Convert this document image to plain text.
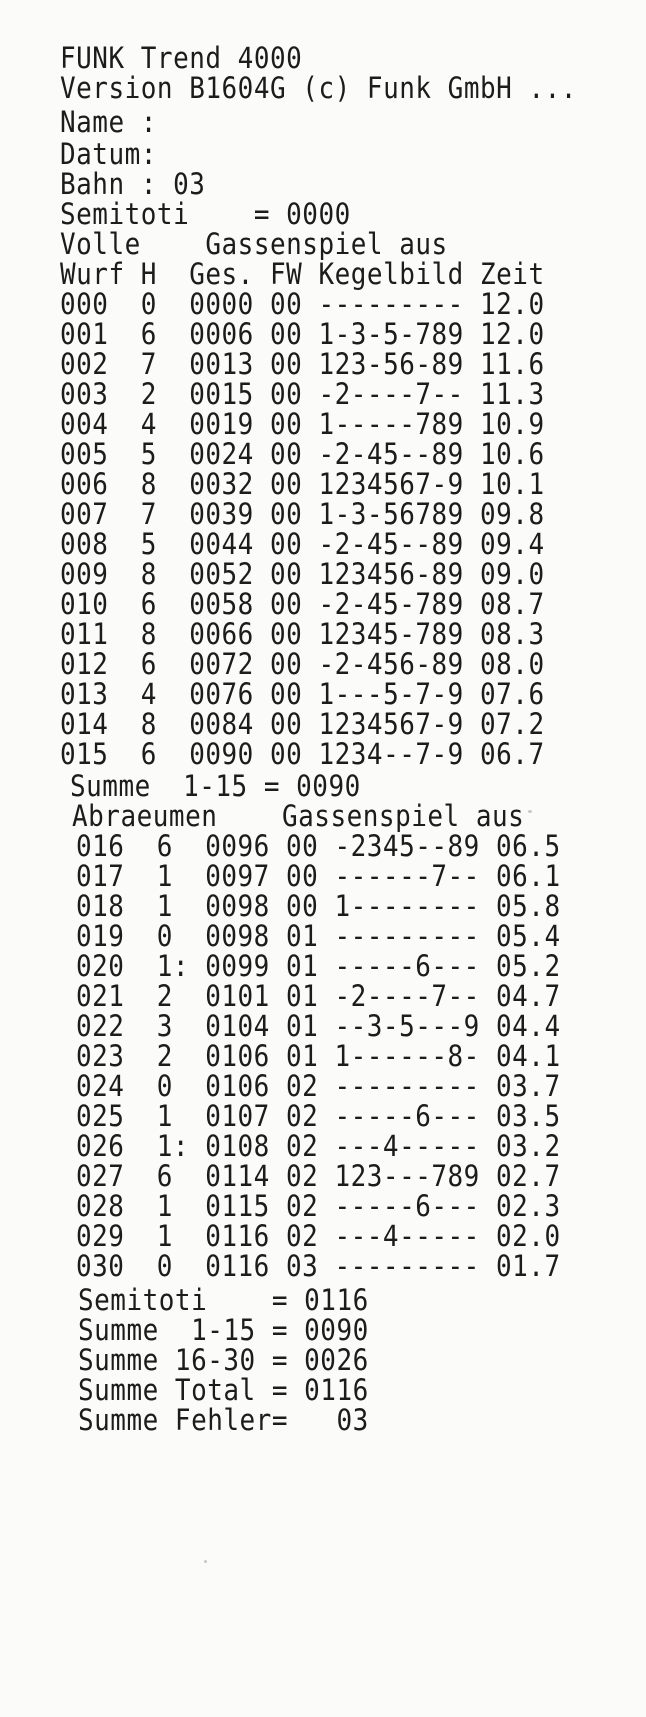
FUNK Trend 4000
Version B1604G (c) Funk GmbH ...
Name :
Datum:
Bahn : 03
Semitoti    = 0000
Volle    Gassenspiel aus
Wurf H  Ges. FW Kegelbild Zeit
000  0  0000 00 --------- 12.0
001  6  0006 00 1-3-5-789 12.0
002  7  0013 00 123-56-89 11.6
003  2  0015 00 -2----7-- 11.3
004  4  0019 00 1-----789 10.9
005  5  0024 00 -2-45--89 10.6
006  8  0032 00 1234567-9 10.1
007  7  0039 00 1-3-56789 09.8
008  5  0044 00 -2-45--89 09.4
009  8  0052 00 123456-89 09.0
010  6  0058 00 -2-45-789 08.7
011  8  0066 00 12345-789 08.3
012  6  0072 00 -2-456-89 08.0
013  4  0076 00 1---5-7-9 07.6
014  8  0084 00 1234567-9 07.2
015  6  0090 00 1234--7-9 06.7
Summe  1-15 = 0090
Abraeumen    Gassenspiel aus
016  6  0096 00 -2345--89 06.5
017  1  0097 00 ------7-- 06.1
018  1  0098 00 1-------- 05.8
019  0  0098 01 --------- 05.4
020  1: 0099 01 -----6--- 05.2
021  2  0101 01 -2----7-- 04.7
022  3  0104 01 --3-5---9 04.4
023  2  0106 01 1------8- 04.1
024  0  0106 02 --------- 03.7
025  1  0107 02 -----6--- 03.5
026  1: 0108 02 ---4----- 03.2
027  6  0114 02 123---789 02.7
028  1  0115 02 -----6--- 02.3
029  1  0116 02 ---4----- 02.0
030  0  0116 03 --------- 01.7
Semitoti    = 0116
Summe  1-15 = 0090
Summe 16-30 = 0026
Summe Total = 0116
Summe Fehler=   03
